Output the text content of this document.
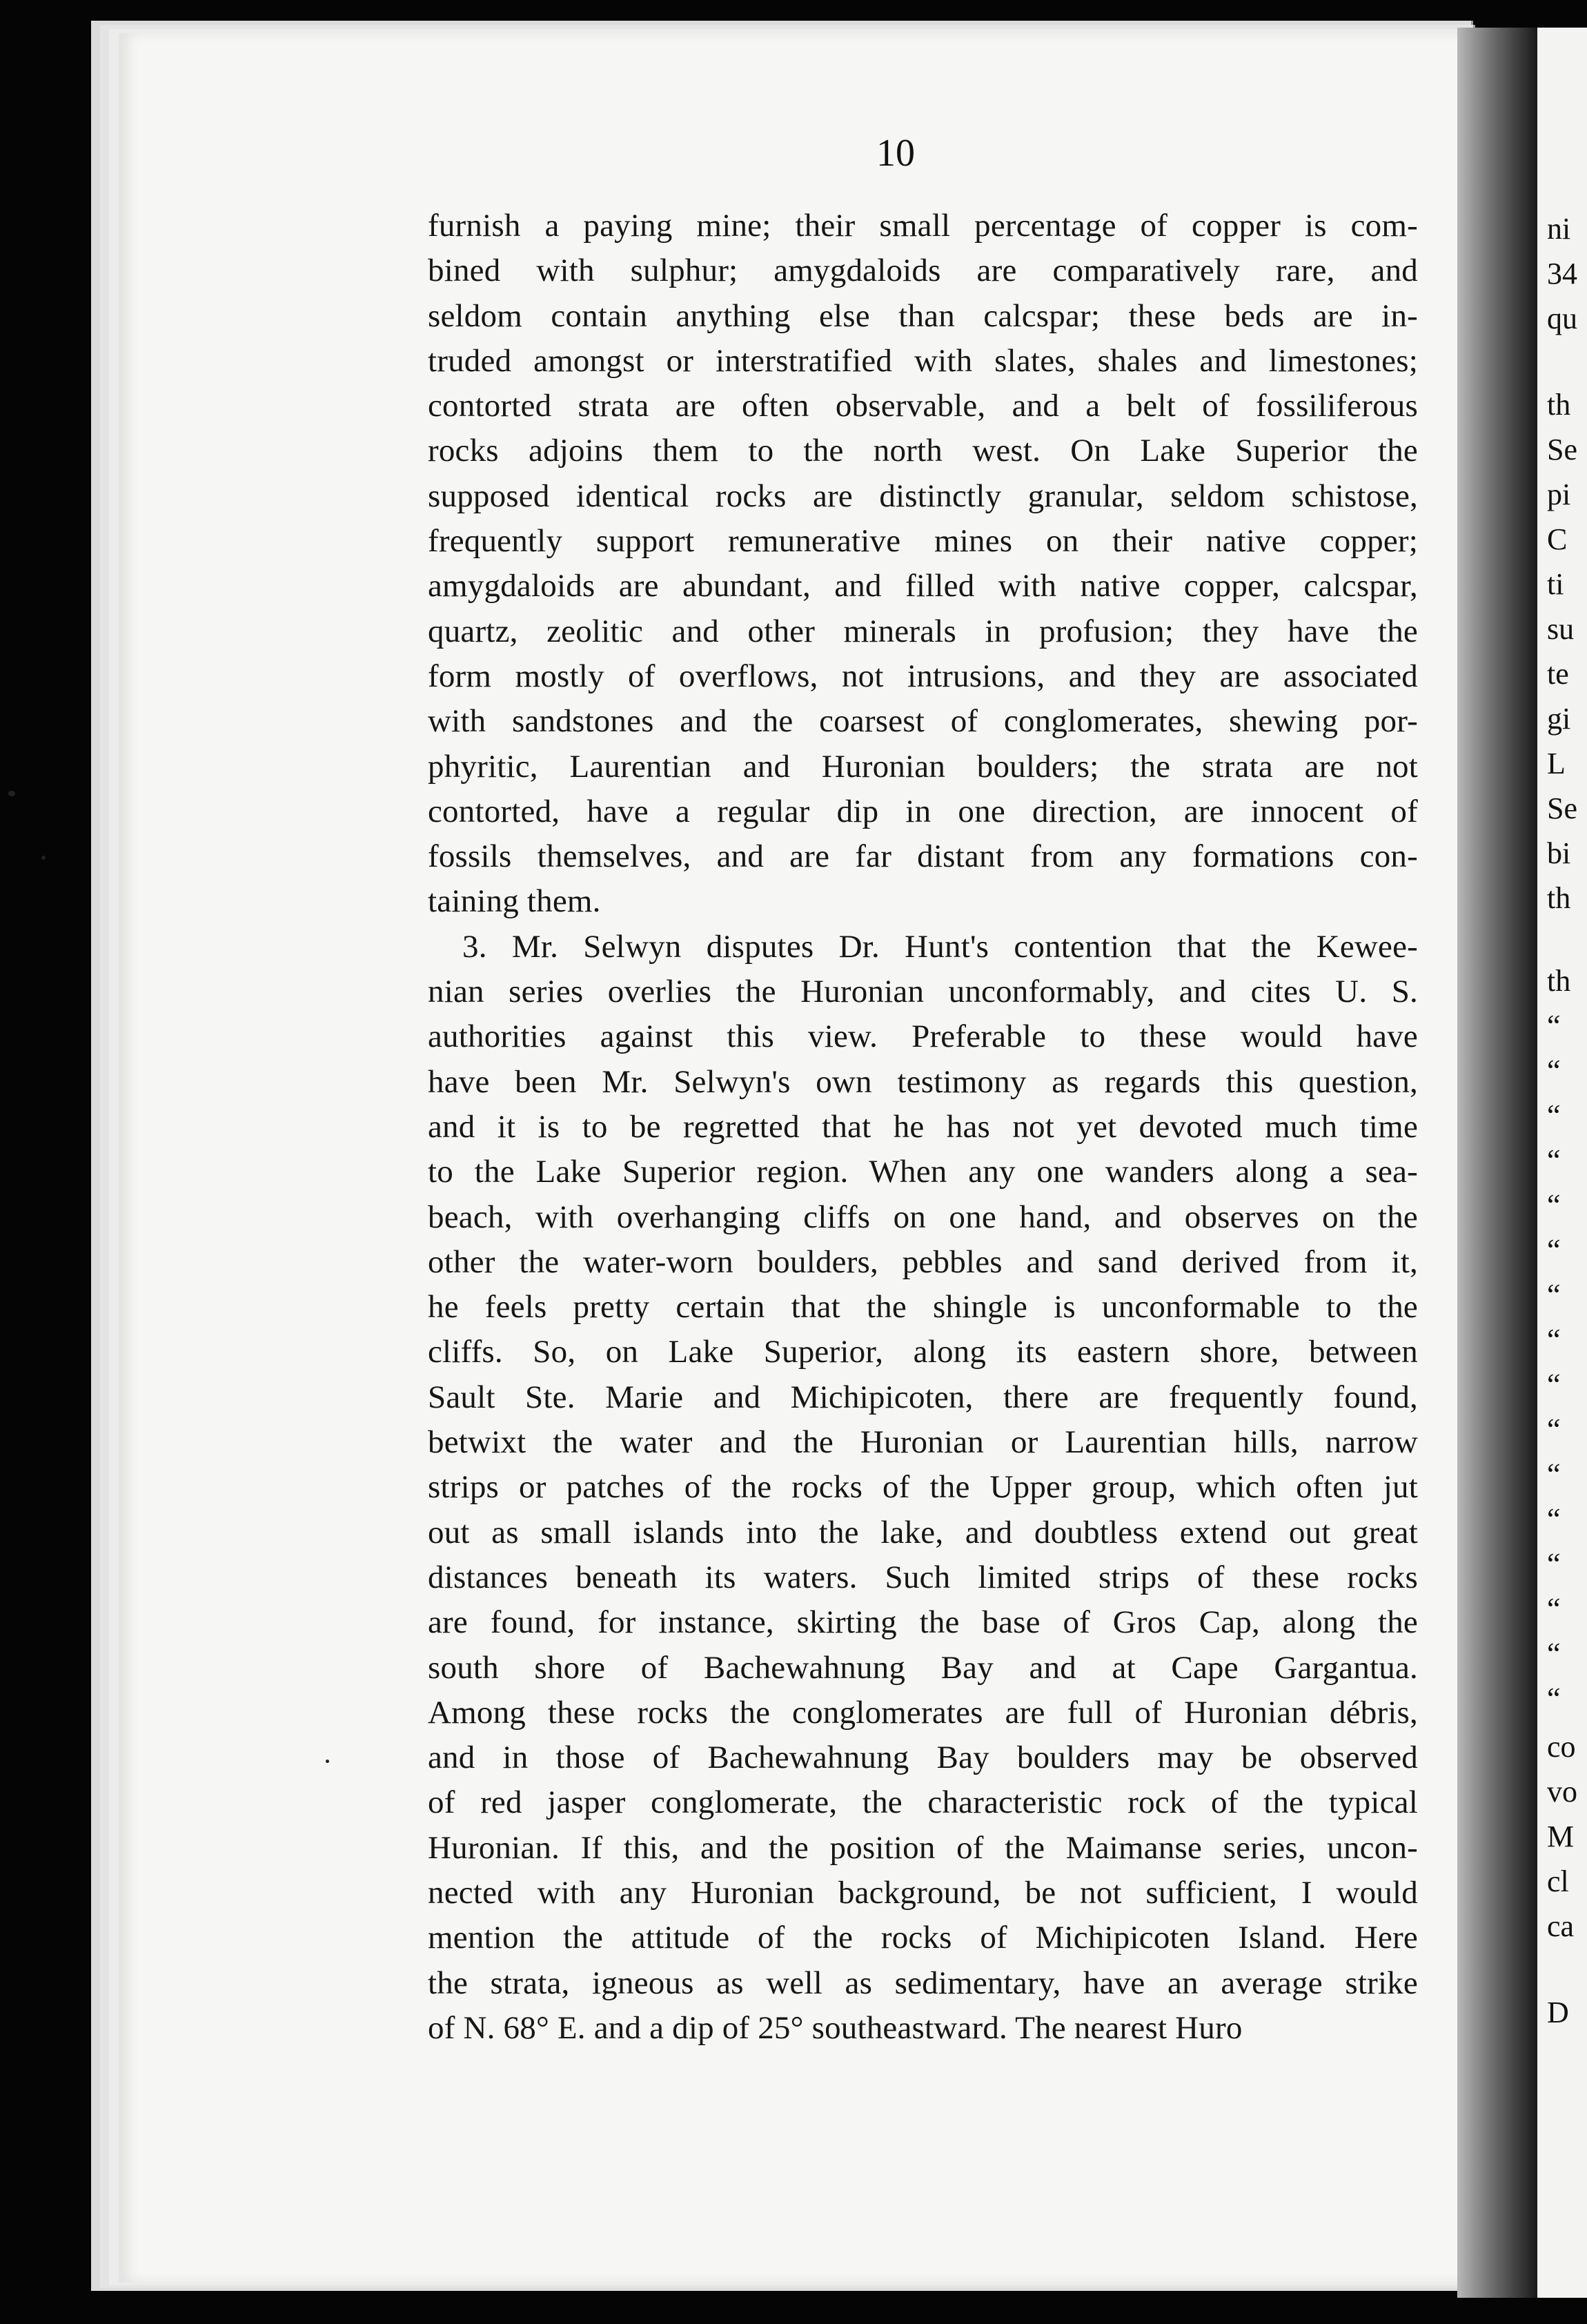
10
furnish a paying mine; their small percentage of copper is com-
bined with sulphur; amygdaloids are comparatively rare, and
seldom contain anything else than calcspar; these beds are in-
truded amongst or interstratified with slates, shales and limestones;
contorted strata are often observable, and a belt of fossiliferous
rocks adjoins them to the north west. On Lake Superior the
supposed identical rocks are distinctly granular, seldom schistose,
frequently support remunerative mines on their native copper;
amygdaloids are abundant, and filled with native copper, calcspar,
quartz, zeolitic and other minerals in profusion; they have the
form mostly of overflows, not intrusions, and they are associated
with sandstones and the coarsest of conglomerates, shewing por-
phyritic, Laurentian and Huronian boulders; the strata are not
contorted, have a regular dip in one direction, are innocent of
fossils themselves, and are far distant from any formations con-
taining them.
3. Mr. Selwyn disputes Dr. Hunt's contention that the Kewee-
nian series overlies the Huronian unconformably, and cites U. S.
authorities against this view. Preferable to these would have
have been Mr. Selwyn's own testimony as regards this question,
and it is to be regretted that he has not yet devoted much time
to the Lake Superior region. When any one wanders along a sea-
beach, with overhanging cliffs on one hand, and observes on the
other the water-worn boulders, pebbles and sand derived from it,
he feels pretty certain that the shingle is unconformable to the
cliffs. So, on Lake Superior, along its eastern shore, between
Sault Ste. Marie and Michipicoten, there are frequently found,
betwixt the water and the Huronian or Laurentian hills, narrow
strips or patches of the rocks of the Upper group, which often jut
out as small islands into the lake, and doubtless extend out great
distances beneath its waters. Such limited strips of these rocks
are found, for instance, skirting the base of Gros Cap, along the
south shore of Bachewahnung Bay and at Cape Gargantua.
Among these rocks the conglomerates are full of Huronian débris,
and in those of Bachewahnung Bay boulders may be observed
of red jasper conglomerate, the characteristic rock of the typical
Huronian. If this, and the position of the Maimanse series, uncon-
nected with any Huronian background, be not sufficient, I would
mention the attitude of the rocks of Michipicoten Island. Here
the strata, igneous as well as sedimentary, have an average strike
of N. 68° E. and a dip of 25° southeastward. The nearest Huro
ni
34
qu
th
Se
pi
C
ti
su
te
gi
L
Se
bi
th
th
“
“
“
“
“
“
“
“
“
“
“
“
“
“
“
“
co
vo
M
cl
ca
D
